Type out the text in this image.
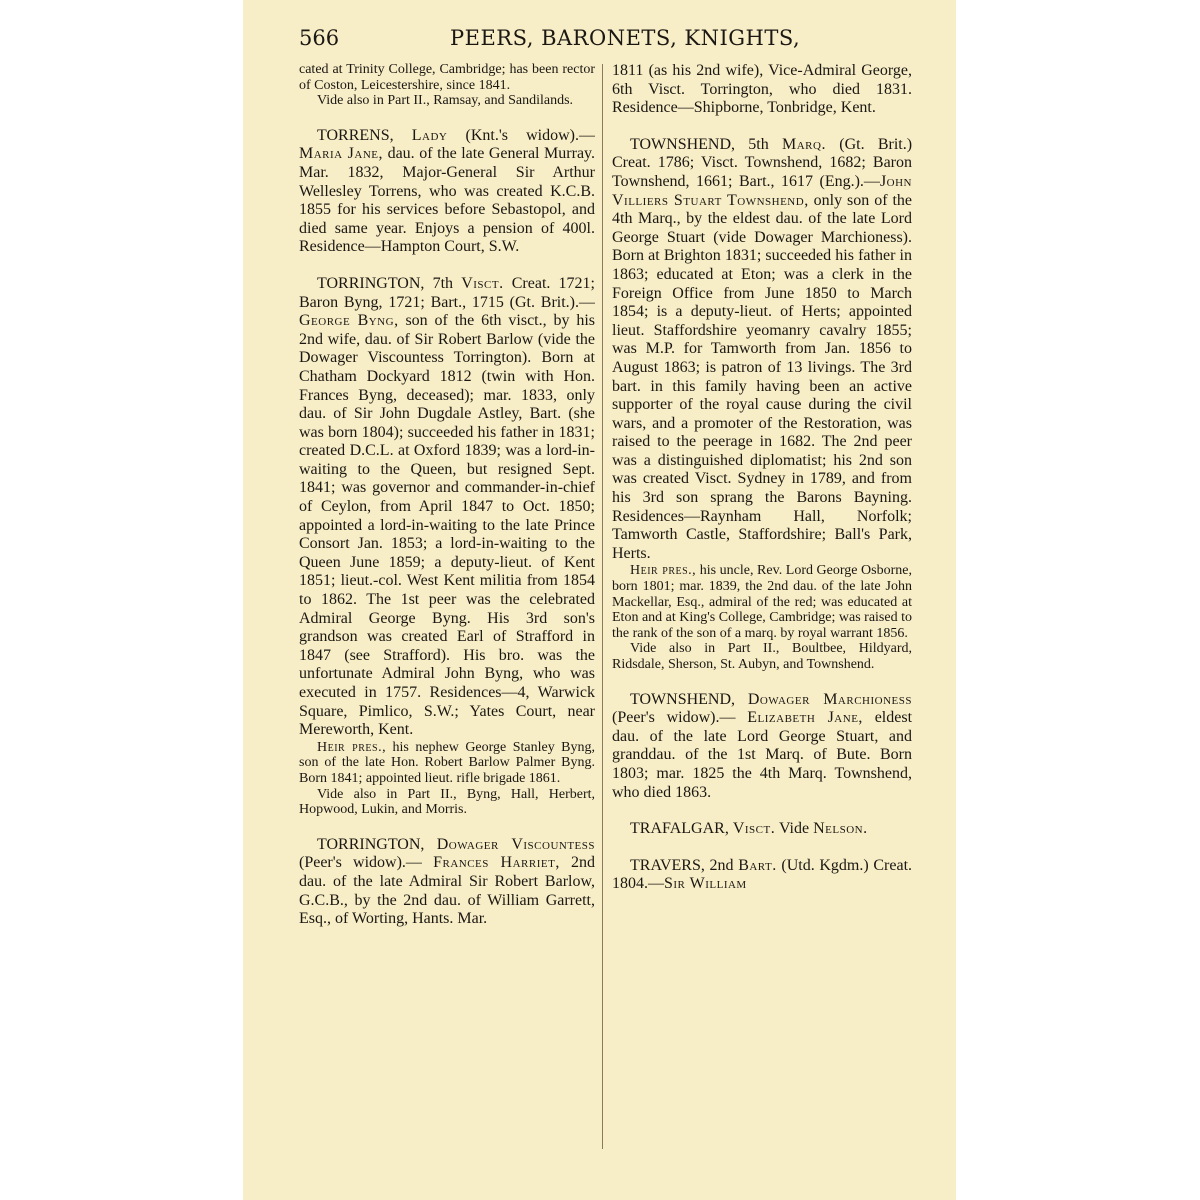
566	PEERS, BARONETS, KNIGHTS,

cated at Trinity College, Cambridge; has been rector of Coston, Leicestershire, since 1841.

Vide also in Part II., Ramsay, and Sandilands.

TORRENS, Lady (Knt.'s widow).— Maria Jane, dau. of the late General Murray. Mar. 1832, Major-General Sir Arthur Wellesley Torrens, who was created K.C.B. 1855 for his services before Sebastopol, and died same year. Enjoys a pension of 400l. Residence—Hampton Court, S.W.

TORRINGTON, 7th Visct. Creat. 1721; Baron Byng, 1721; Bart., 1715 (Gt. Brit.).—George Byng, son of the 6th visct., by his 2nd wife, dau. of Sir Robert Barlow (vide the Dowager Viscountess Torrington). Born at Chatham Dockyard 1812 (twin with Hon. Frances Byng, deceased); mar. 1833, only dau. of Sir John Dugdale Astley, Bart. (she was born 1804); succeeded his father in 1831; created D.C.L. at Oxford 1839; was a lord-in-waiting to the Queen, but resigned Sept. 1841; was governor and commander-in-chief of Ceylon, from April 1847 to Oct. 1850; appointed a lord-in-waiting to the late Prince Consort Jan. 1853; a lord-in-waiting to the Queen June 1859; a deputy-lieut. of Kent 1851; lieut.-col. West Kent militia from 1854 to 1862. The 1st peer was the celebrated Admiral George Byng. His 3rd son's grandson was created Earl of Strafford in 1847 (see Strafford). His bro. was the unfortunate Admiral John Byng, who was executed in 1757. Residences—4, Warwick Square, Pimlico, S.W.; Yates Court, near Mereworth, Kent.

Heir pres., his nephew George Stanley Byng, son of the late Hon. Robert Barlow Palmer Byng. Born 1841; appointed lieut. rifle brigade 1861.

Vide also in Part II., Byng, Hall, Herbert, Hopwood, Lukin, and Morris.

TORRINGTON, Dowager Viscountess (Peer's widow).— Frances Harriet, 2nd dau. of the late Admiral Sir Robert Barlow, G.C.B., by the 2nd dau. of William Garrett, Esq., of Worting, Hants. Mar.

1811 (as his 2nd wife), Vice-Admiral George, 6th Visct. Torrington, who died 1831. Residence—Shipborne, Tonbridge, Kent.

TOWNSHEND, 5th Marq. (Gt. Brit.) Creat. 1786; Visct. Townshend, 1682; Baron Townshend, 1661; Bart., 1617 (Eng.).—John Villiers Stuart Townshend, only son of the 4th Marq., by the eldest dau. of the late Lord George Stuart (vide Dowager Marchioness). Born at Brighton 1831; succeeded his father in 1863; educated at Eton; was a clerk in the Foreign Office from June 1850 to March 1854; is a deputy-lieut. of Herts; appointed lieut. Staffordshire yeomanry cavalry 1855; was M.P. for Tamworth from Jan. 1856 to August 1863; is patron of 13 livings. The 3rd bart. in this family having been an active supporter of the royal cause during the civil wars, and a promoter of the Restoration, was raised to the peerage in 1682. The 2nd peer was a distinguished diplomatist; his 2nd son was created Visct. Sydney in 1789, and from his 3rd son sprang the Barons Bayning. Residences—Raynham Hall, Norfolk; Tamworth Castle, Staffordshire; Ball's Park, Herts.

Heir pres., his uncle, Rev. Lord George Osborne, born 1801; mar. 1839, the 2nd dau. of the late John Mackellar, Esq., admiral of the red; was educated at Eton and at King's College, Cambridge; was raised to the rank of the son of a marq. by royal warrant 1856.

Vide also in Part II., Boultbee, Hildyard, Ridsdale, Sherson, St. Aubyn, and Townshend.

TOWNSHEND, Dowager Marchioness (Peer's widow).— Elizabeth Jane, eldest dau. of the late Lord George Stuart, and granddau. of the 1st Marq. of Bute. Born 1803; mar. 1825 the 4th Marq. Townshend, who died 1863.

TRAFALGAR, Visct. Vide Nelson.

TRAVERS, 2nd Bart. (Utd. Kgdm.) Creat. 1804.—Sir William
